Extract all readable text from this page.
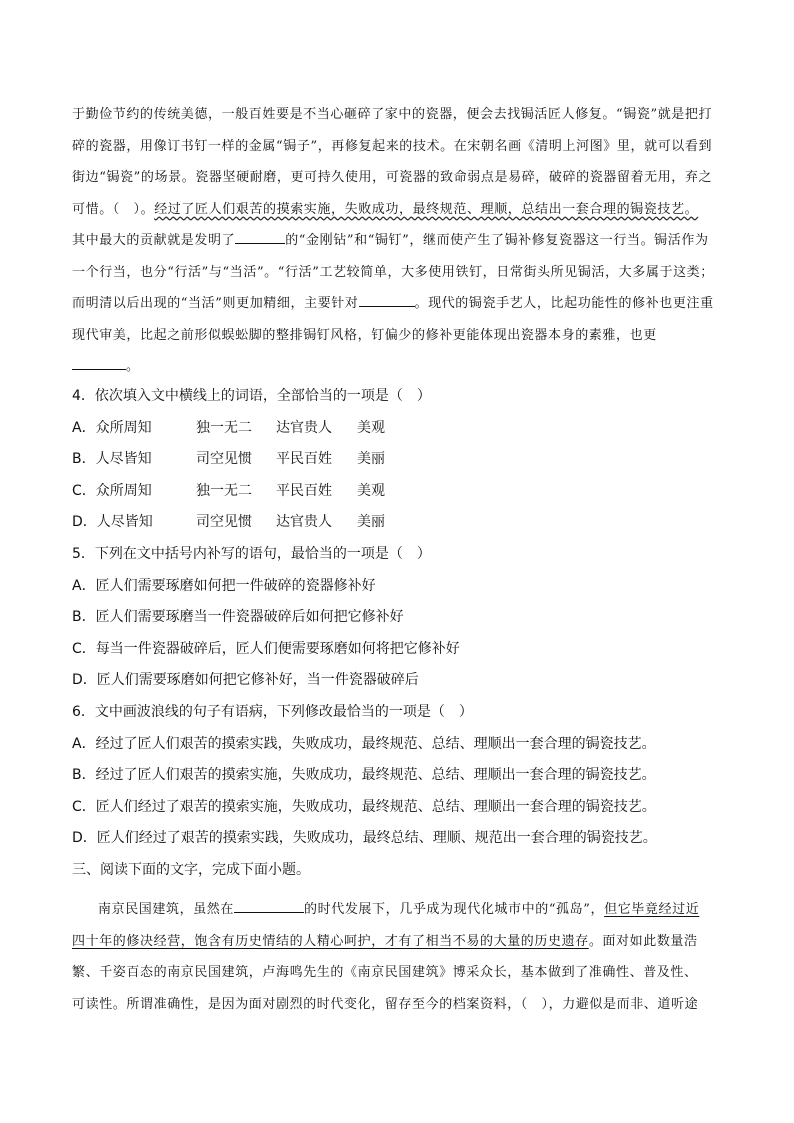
于勤俭节约的传统美德，一般百姓要是不当心砸碎了家中的瓷器，便会去找锔活匠人修复。“锔瓷”就是把打
碎的瓷器，用像订书钉一样的金属“锔子”，再修复起来的技术。在宋朝名画《清明上河图》里，就可以看到
街边“锔瓷”的场景。瓷器坚硬耐磨，更可持久使用，可瓷器的致命弱点是易碎，破碎的瓷器留着无用，弃之
可惜。（　）。经过了匠人们艰苦的摸索实施，失败成功，最终规范、理顺，总结出一套合理的锔瓷技艺。
其中最大的贡献就是发明了	的“金刚钻”和“锔钉”，继而使产生了锔补修复瓷器这一行当。锔活作为
一个行当，也分“行活”与“当活”。“行活”工艺较简单，大多使用铁钉，日常街头所见锔活，大多属于这类；
而明清以后出现的“当活”则更加精细，主要针对	。现代的锔瓷手艺人，比起功能性的修补也更注重
现代审美，比起之前形似蜈蚣脚的整排锔钉风格，钉偏少的修补更能体现出瓷器本身的素雅，也更
。
4．依次填入文中横线上的词语，全部恰当的一项是（　）
A．众所周知	独一无二	达官贵人	美观
B．人尽皆知	司空见惯	平民百姓	美丽
C．众所周知	独一无二	平民百姓	美观
D．人尽皆知	司空见惯	达官贵人	美丽
5．下列在文中括号内补写的语句，最恰当的一项是（　）
A．匠人们需要琢磨如何把一件破碎的瓷器修补好
B．匠人们需要琢磨当一件瓷器破碎后如何把它修补好
C．每当一件瓷器破碎后，匠人们便需要琢磨如何将把它修补好
D．匠人们需要琢磨如何把它修补好，当一件瓷器破碎后
6．文中画波浪线的句子有语病，下列修改最恰当的一项是（　）
A．经过了匠人们艰苦的摸索实践，失败成功，最终规范、总结、理顺出一套合理的锔瓷技艺。
B．经过了匠人们艰苦的摸索实施，失败成功，最终规范、总结、理顺出一套合理的锔瓷技艺。
C．匠人们经过了艰苦的摸索实施，失败成功，最终规范、总结、理顺出一套合理的锔瓷技艺。
D．匠人们经过了艰苦的摸索实践，失败成功，最终总结、理顺、规范出一套合理的锔瓷技艺。
三、阅读下面的文字，完成下面小题。
南京民国建筑，虽然在	的时代发展下，几乎成为现代化城市中的“孤岛”，但它毕竟经过近
四十年的修决经营，饱含有历史情结的人精心呵护，才有了相当不易的大量的历史遗存。面对如此数量浩
繁、千姿百态的南京民国建筑，卢海鸣先生的《南京民国建筑》博采众长，基本做到了准确性、普及性、
可读性。所谓准确性，是因为面对剧烈的时代变化，留存至今的档案资料，（　），力避似是而非、道听途
